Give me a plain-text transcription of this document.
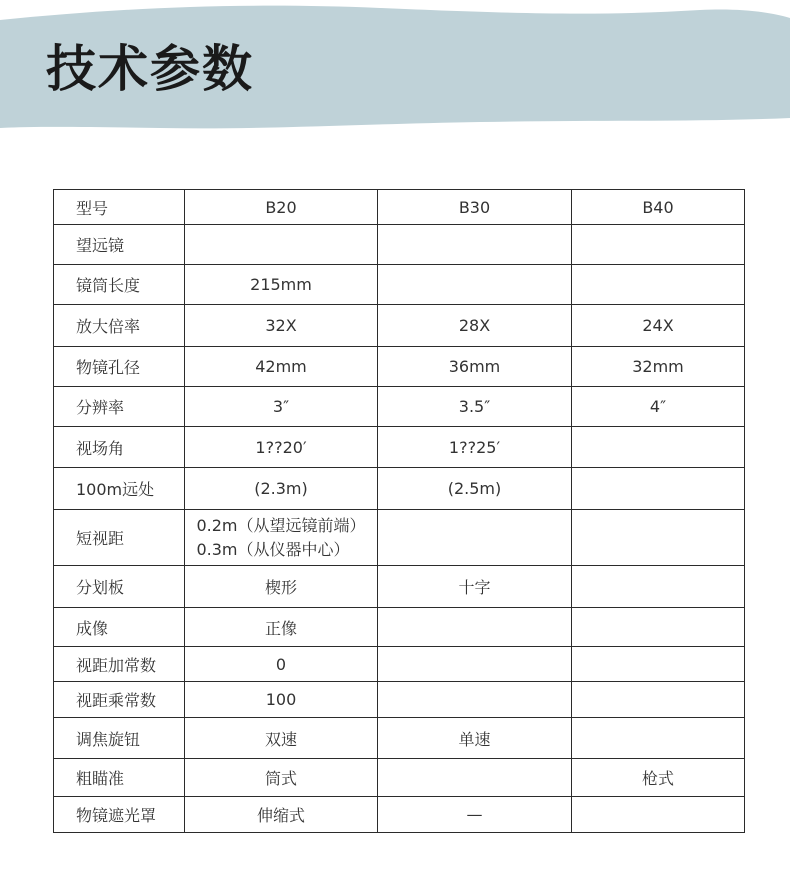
技术参数
型号	B20	B30	B40
望远镜			
镜筒长度	215mm		
放大倍率	32X	28X	24X
物镜孔径	42mm	36mm	32mm
分辨率	3″	3.5″	4″
视场角	1??20′	1??25′	
100m远处	(2.3m)	(2.5m)	
短视距	0.2m（从望远镜前端）
0.3m（从仪器中心）		

分划板	楔形	十字	
成像	正像		
视距加常数	0		
视距乘常数	100		
调焦旋钮	双速	单速	
粗瞄准	筒式		枪式
物镜遮光罩	伸缩式	—	
